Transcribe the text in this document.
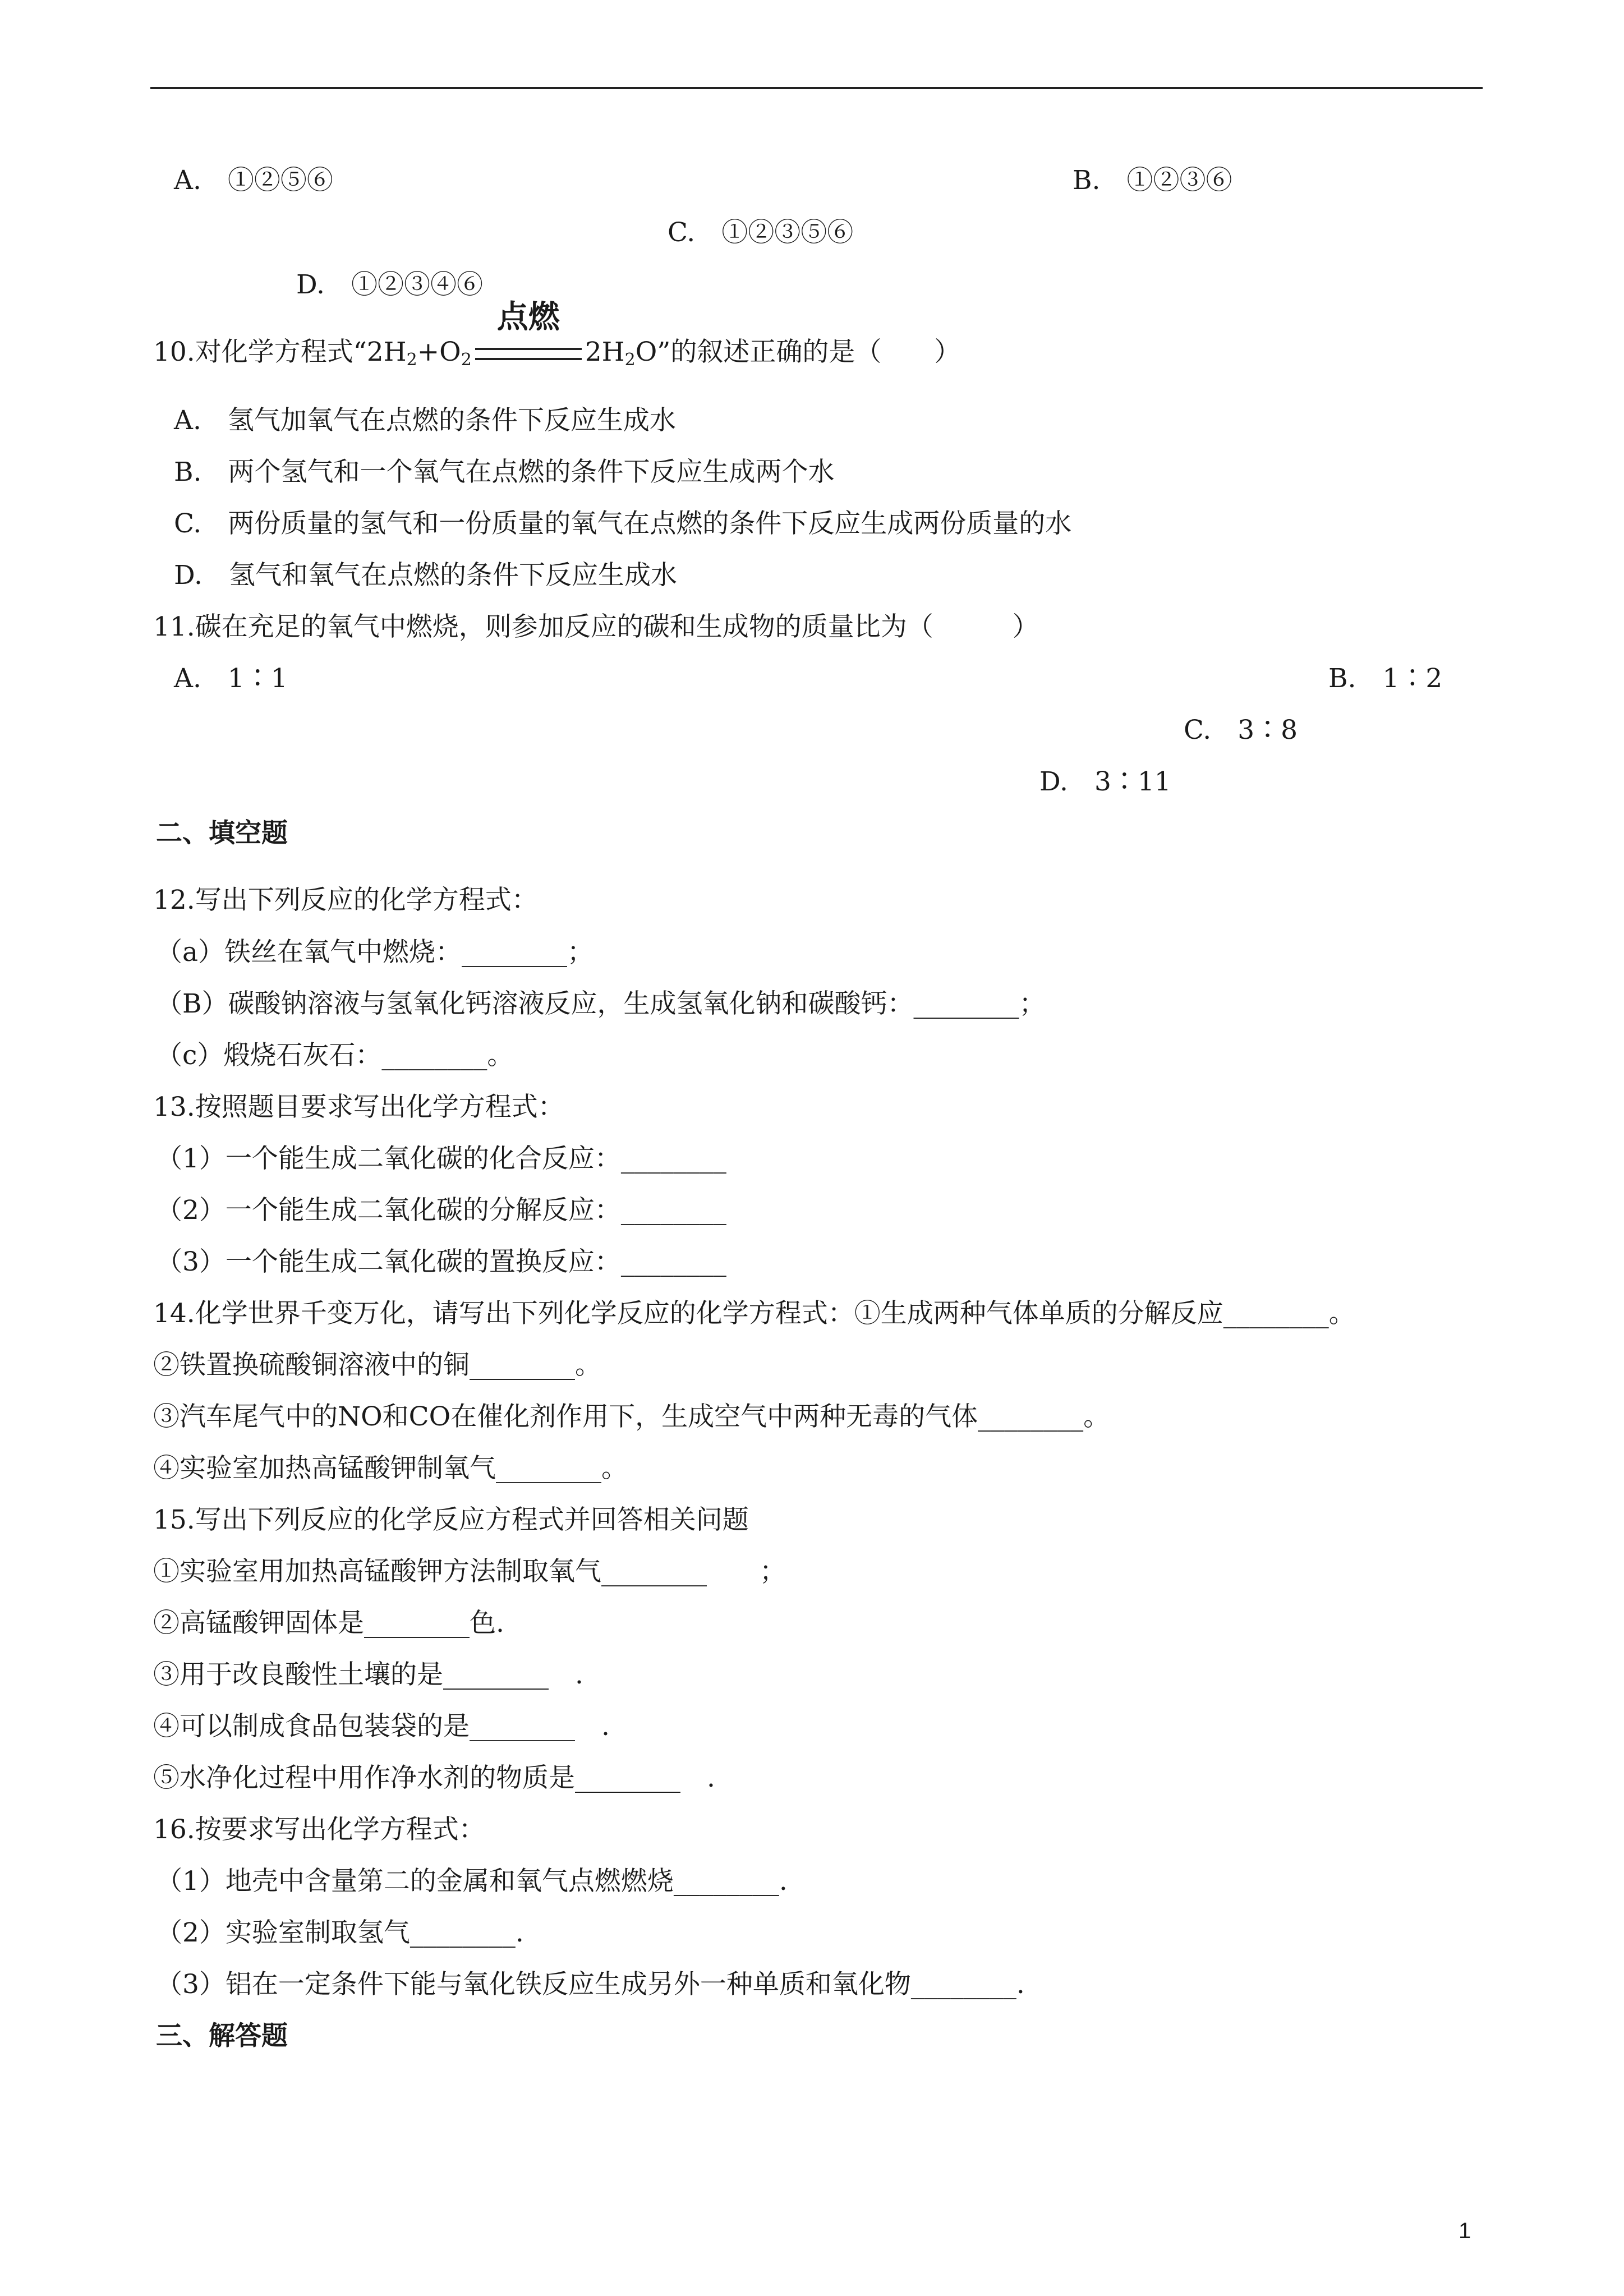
A.　①②⑤⑥	B.　①②③⑥
C.　①②③⑤⑥
D.　①②③④⑥
10.对化学方程式“$2H_2+O_2$
点燃
$2H_2O$”的叙述正确的是（　　）
A.　氢气加氧气在点燃的条件下反应生成水
B.　两个氢气和一个氧气在点燃的条件下反应生成两个水
C.　两份质量的氢气和一份质量的氧气在点燃的条件下反应生成两份质量的水
D.　氢气和氧气在点燃的条件下反应生成水
11.碳在充足的氧气中燃烧，则参加反应的碳和生成物的质量比为（　　　）
A.　1∶1	B.　1∶2
C.　3∶8
D.　3∶11
二、填空题
12.写出下列反应的化学方程式：
（a）铁丝在氧气中燃烧：________；
（B）碳酸钠溶液与氢氧化钙溶液反应，生成氢氧化钠和碳酸钙：________；
（c）煅烧石灰石：________。
13.按照题目要求写出化学方程式：
（1）一个能生成二氧化碳的化合反应：________
（2）一个能生成二氧化碳的分解反应：________
（3）一个能生成二氧化碳的置换反应：________
14.化学世界千变万化，请写出下列化学反应的化学方程式：①生成两种气体单质的分解反应________。
②铁置换硫酸铜溶液中的铜________。
③汽车尾气中的NO和CO在催化剂作用下，生成空气中两种无毒的气体________。
④实验室加热高锰酸钾制氧气________。
15.写出下列反应的化学反应方程式并回答相关问题
①实验室用加热高锰酸钾方法制取氧气________　　；
②高锰酸钾固体是________色.
③用于改良酸性土壤的是________　.
④可以制成食品包装袋的是________　.
⑤水净化过程中用作净水剂的物质是________　.
16.按要求写出化学方程式：
（1）地壳中含量第二的金属和氧气点燃燃烧________.
（2）实验室制取氢气________.
（3）铝在一定条件下能与氧化铁反应生成另外一种单质和氧化物________.
三、解答题
1
